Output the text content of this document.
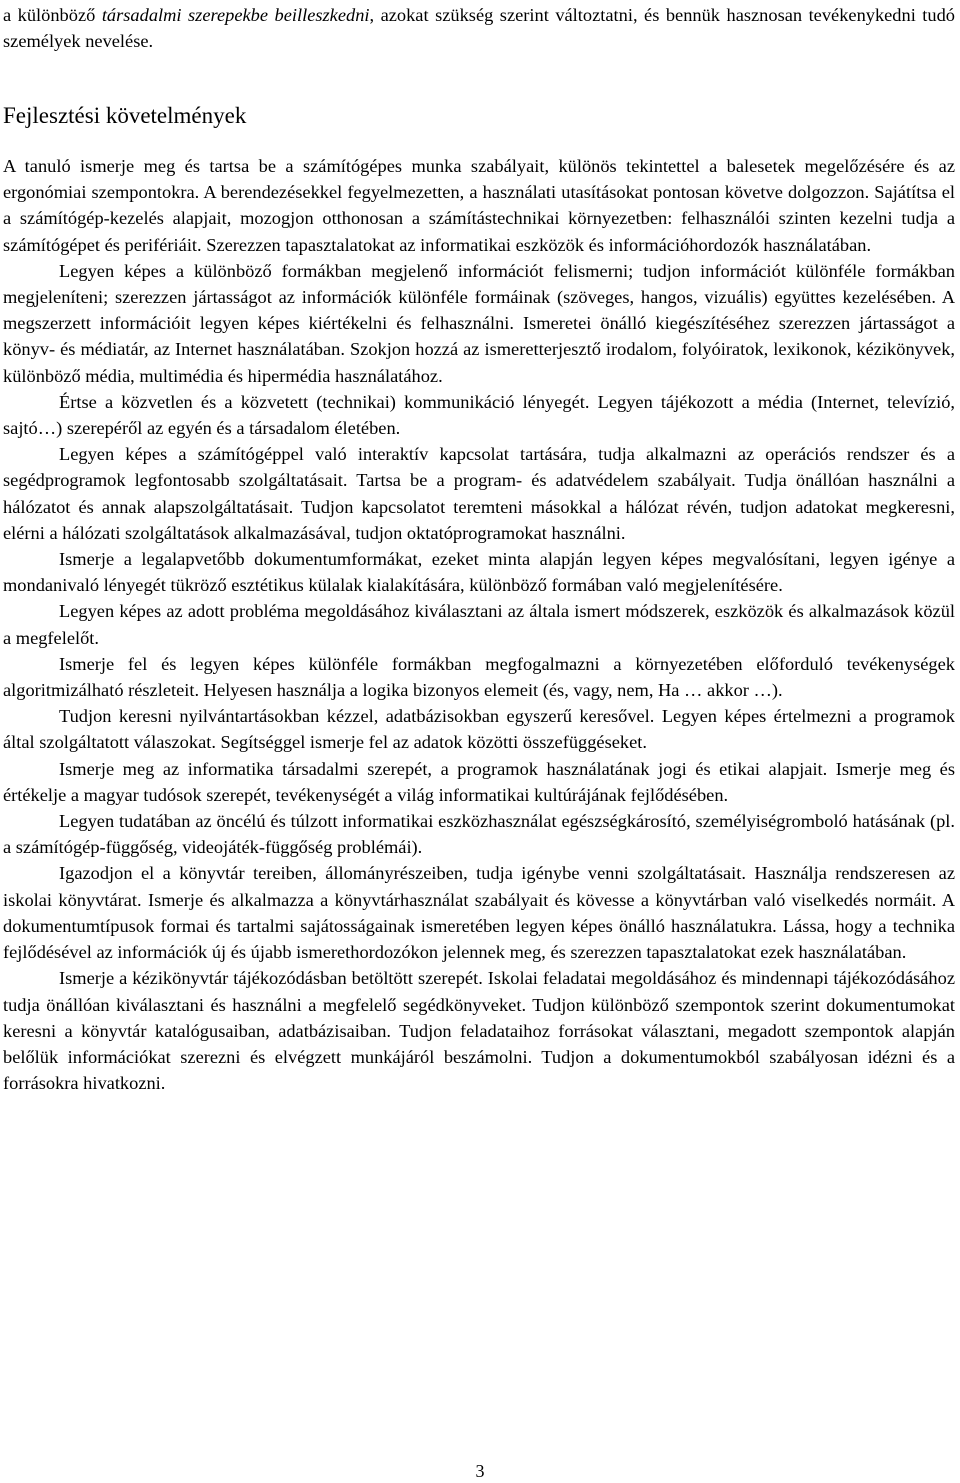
a különböző társadalmi szerepekbe beilleszkedni, azokat szükség szerint változtatni, és bennük hasznosan tevékenykedni tudó személyek nevelése.

Fejlesztési követelmények

A tanuló ismerje meg és tartsa be a számítógépes munka szabályait, különös tekintettel a balesetek megelőzésére és az ergonómiai szempontokra. A berendezésekkel fegyelmezetten, a használati utasításokat pontosan követve dolgozzon. Sajátítsa el a számítógép-kezelés alapjait, mozogjon otthonosan a számítástechnikai környezetben: felhasználói szinten kezelni tudja a számítógépet és perifériáit. Szerezzen tapasztalatokat az informatikai eszközök és információhordozók használatában.

Legyen képes a különböző formákban megjelenő információt felismerni; tudjon információt különféle formákban megjeleníteni; szerezzen jártasságot az információk különféle formáinak (szöveges, hangos, vizuális) együttes kezelésében. A megszerzett információit legyen képes kiértékelni és felhasználni. Ismeretei önálló kiegészítéséhez szerezzen jártasságot a könyv- és médiatár, az Internet használatában. Szokjon hozzá az ismeretterjesztő irodalom, folyóiratok, lexikonok, kézikönyvek, különböző média, multimédia és hipermédia használatához.

Értse a közvetlen és a közvetett (technikai) kommunikáció lényegét. Legyen tájékozott a média (Internet, televízió, sajtó…) szerepéről az egyén és a társadalom életében.

Legyen képes a számítógéppel való interaktív kapcsolat tartására, tudja alkalmazni az operációs rendszer és a segédprogramok legfontosabb szolgáltatásait. Tartsa be a program- és adatvédelem szabályait. Tudja önállóan használni a hálózatot és annak alapszolgáltatásait. Tudjon kapcsolatot teremteni másokkal a hálózat révén, tudjon adatokat megkeresni, elérni a hálózati szolgáltatások alkalmazásával, tudjon oktatóprogramokat használni.

Ismerje a legalapvetőbb dokumentumformákat, ezeket minta alapján legyen képes megvalósítani, legyen igénye a mondanivaló lényegét tükröző esztétikus külalak kialakítására, különböző formában való megjelenítésére.

Legyen képes az adott probléma megoldásához kiválasztani az általa ismert módszerek, eszközök és alkalmazások közül a megfelelőt.

Ismerje fel és legyen képes különféle formákban megfogalmazni a környezetében előforduló tevékenységek algoritmizálható részleteit. Helyesen használja a logika bizonyos elemeit (és, vagy, nem, Ha … akkor …).

Tudjon keresni nyilvántartásokban kézzel, adatbázisokban egyszerű keresővel. Legyen képes értelmezni a programok által szolgáltatott válaszokat. Segítséggel ismerje fel az adatok közötti összefüggéseket.

Ismerje meg az informatika társadalmi szerepét, a programok használatának jogi és etikai alapjait. Ismerje meg és értékelje a magyar tudósok szerepét, tevékenységét a világ informatikai kultúrájának fejlődésében.

Legyen tudatában az öncélú és túlzott informatikai eszközhasználat egészségkárosító, személyiségromboló hatásának (pl. a számítógép-függőség, videojáték-függőség problémái).

Igazodjon el a könyvtár tereiben, állományrészeiben, tudja igénybe venni szolgáltatásait. Használja rendszeresen az iskolai könyvtárat. Ismerje és alkalmazza a könyvtárhasználat szabályait és kövesse a könyvtárban való viselkedés normáit. A dokumentumtípusok formai és tartalmi sajátosságainak ismeretében legyen képes önálló használatukra. Lássa, hogy a technika fejlődésével az információk új és újabb ismerethordozókon jelennek meg, és szerezzen tapasztalatokat ezek használatában.

Ismerje a kézikönyvtár tájékozódásban betöltött szerepét. Iskolai feladatai megoldásához és mindennapi tájékozódásához tudja önállóan kiválasztani és használni a megfelelő segédkönyveket. Tudjon különböző szempontok szerint dokumentumokat keresni a könyvtár katalógusaiban, adatbázisaiban. Tudjon feladataihoz forrásokat választani, megadott szempontok alapján belőlük információkat szerezni és elvégzett munkájáról beszámolni. Tudjon a dokumentumokból szabályosan idézni és a forrásokra hivatkozni.

3
